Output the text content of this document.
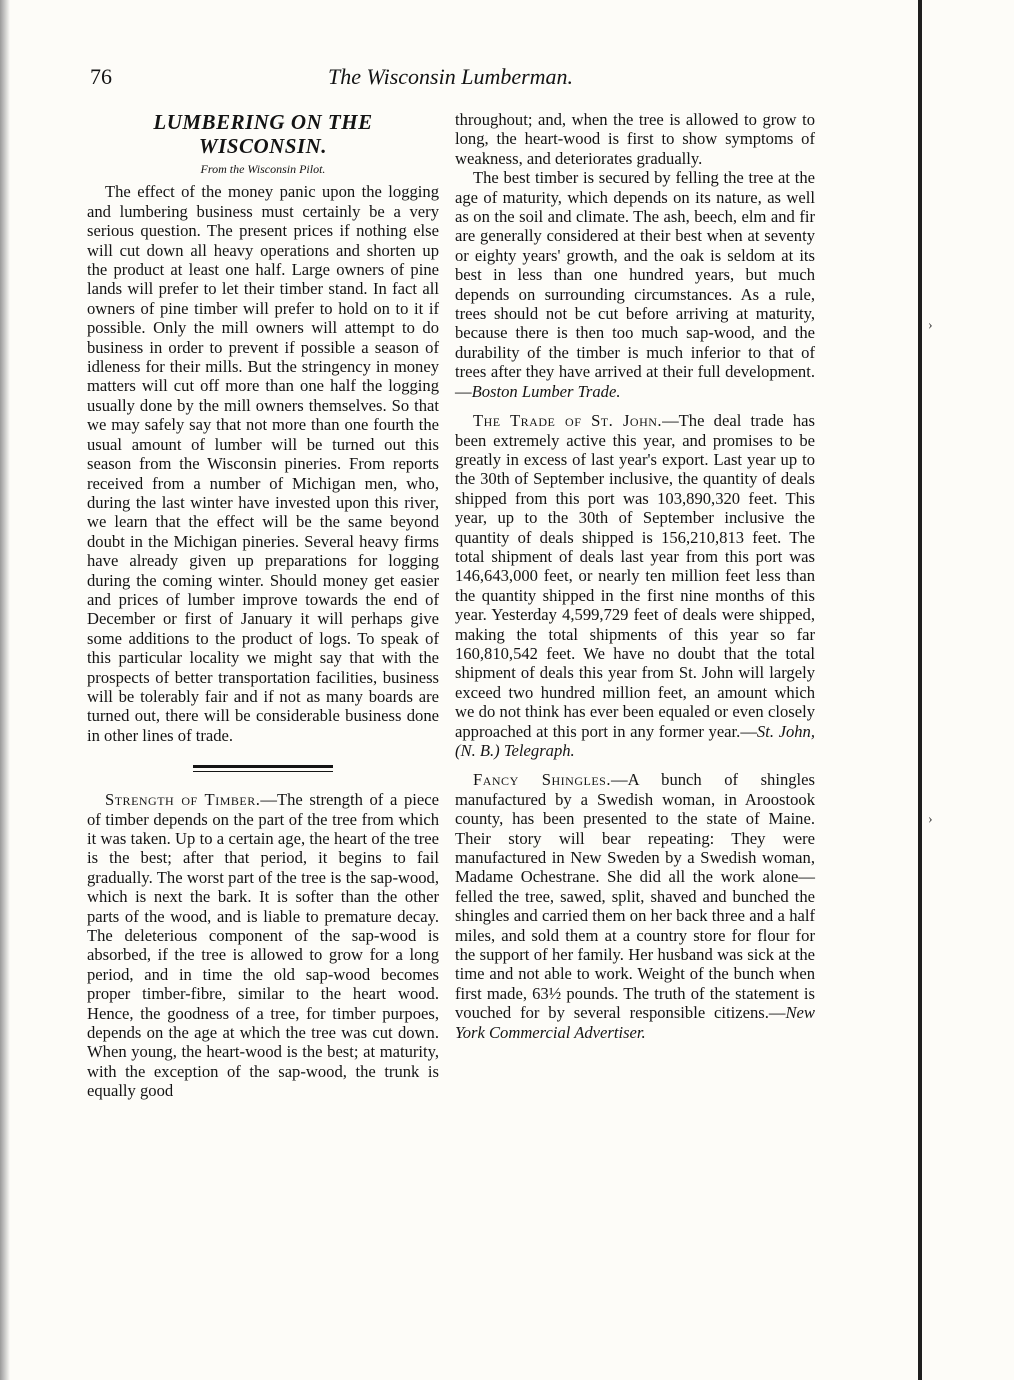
›
›
76	The Wisconsin Lumberman.
LUMBERING ON THE WISCONSIN.
From the Wisconsin Pilot.

The effect of the money panic upon the logging and lumbering business must certainly be a very serious question. The present prices if nothing else will cut down all heavy operations and shorten up the product at least one half. Large owners of pine lands will prefer to let their timber stand. In fact all owners of pine timber will prefer to hold on to it if possible. Only the mill owners will attempt to do business in order to prevent if possible a season of idleness for their mills. But the stringency in money matters will cut off more than one half the logging usually done by the mill owners themselves. So that we may safely say that not more than one fourth the usual amount of lumber will be turned out this season from the Wisconsin pineries. From reports received from a number of Michigan men, who, during the last winter have invested upon this river, we learn that the effect will be the same beyond doubt in the Michigan pineries. Several heavy firms have already given up preparations for logging during the coming winter. Should money get easier and prices of lumber improve towards the end of December or first of January it will perhaps give some additions to the product of logs. To speak of this particular locality we might say that with the prospects of better transportation facilities, business will be tolerably fair and if not as many boards are turned out, there will be considerable business done in other lines of trade.

Strength of Timber.—The strength of a piece of timber depends on the part of the tree from which it was taken. Up to a certain age, the heart of the tree is the best; after that period, it begins to fail gradually. The worst part of the tree is the sap-wood, which is next the bark. It is softer than the other parts of the wood, and is liable to premature decay. The deleterious component of the sap-wood is absorbed, if the tree is allowed to grow for a long period, and in time the old sap-wood becomes proper timber-fibre, similar to the heart wood. Hence, the goodness of a tree, for timber purpoes, depends on the age at which the tree was cut down. When young, the heart-wood is the best; at maturity, with the exception of the sap-wood, the trunk is equally good

throughout; and, when the tree is allowed to grow to long, the heart-wood is first to show symptoms of weakness, and deteriorates gradually.

The best timber is secured by felling the tree at the age of maturity, which depends on its nature, as well as on the soil and climate. The ash, beech, elm and fir are generally considered at their best when at seventy or eighty years' growth, and the oak is seldom at its best in less than one hundred years, but much depends on surrounding circumstances. As a rule, trees should not be cut before arriving at maturity, because there is then too much sap-wood, and the durability of the timber is much inferior to that of trees after they have arrived at their full development.—Boston Lumber Trade.

The Trade of St. John.—The deal trade has been extremely active this year, and promises to be greatly in excess of last year's export. Last year up to the 30th of September inclusive, the quantity of deals shipped from this port was 103,890,320 feet. This year, up to the 30th of September inclusive the quantity of deals shipped is 156,210,813 feet. The total shipment of deals last year from this port was 146,643,000 feet, or nearly ten million feet less than the quantity shipped in the first nine months of this year. Yesterday 4,599,729 feet of deals were shipped, making the total shipments of this year so far 160,810,542 feet. We have no doubt that the total shipment of deals this year from St. John will largely exceed two hundred million feet, an amount which we do not think has ever been equaled or even closely approached at this port in any former year.—St. John, (N. B.) Telegraph.

Fancy Shingles.—A bunch of shingles manufactured by a Swedish woman, in Aroostook county, has been presented to the state of Maine. Their story will bear repeating: They were manufactured in New Sweden by a Swedish woman, Madame Ochestrane. She did all the work alone—felled the tree, sawed, split, shaved and bunched the shingles and carried them on her back three and a half miles, and sold them at a country store for flour for the support of her family. Her husband was sick at the time and not able to work. Weight of the bunch when first made, 63½ pounds. The truth of the statement is vouched for by several responsible citizens.—New York Commercial Advertiser.
